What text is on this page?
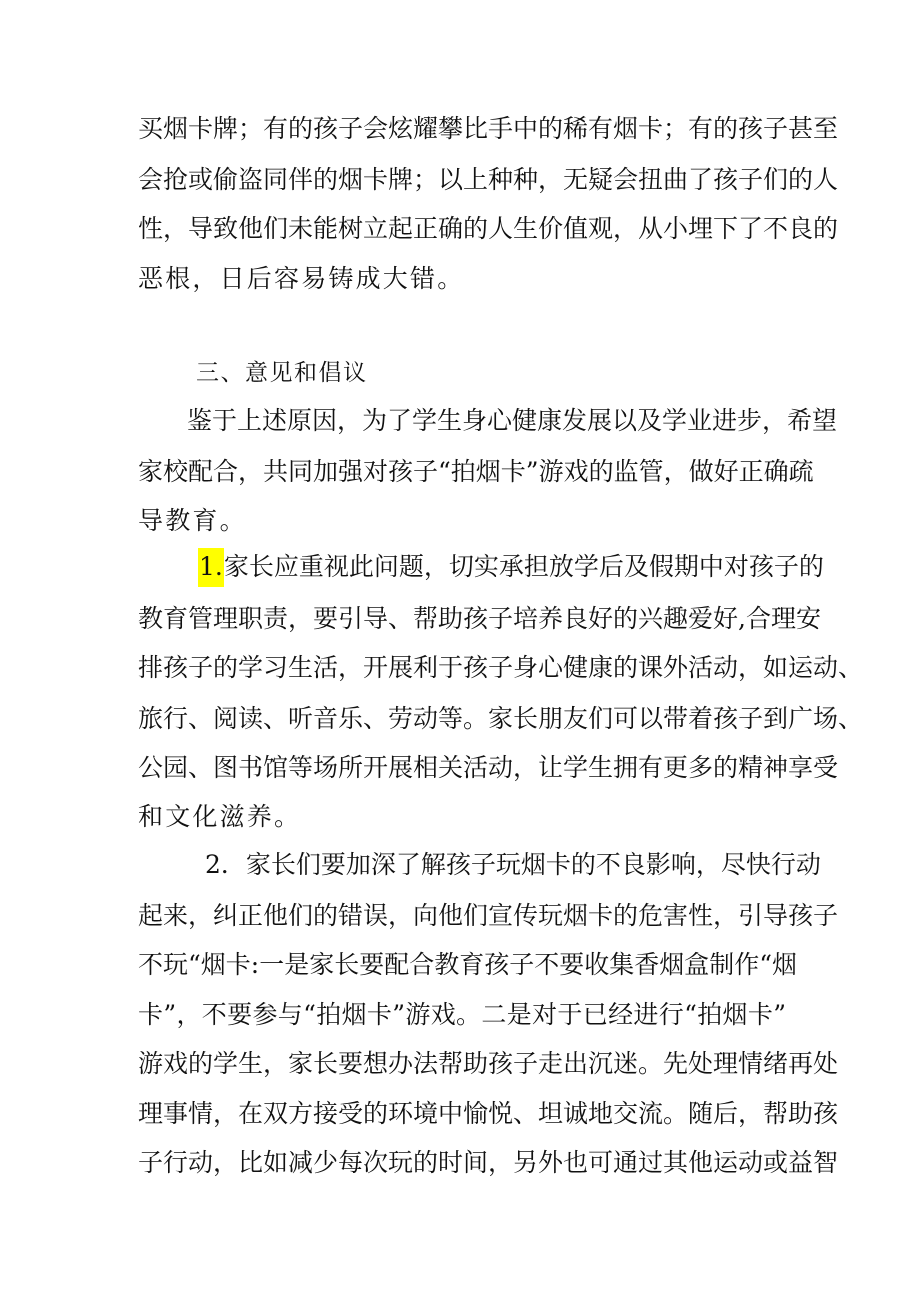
买烟卡牌；有的孩子会炫耀攀比手中的稀有烟卡；有的孩子甚至
会抢或偷盗同伴的烟卡牌；以上种种，无疑会扭曲了孩子们的人
性，导致他们未能树立起正确的人生价值观，从小埋下了不良的
恶根，日后容易铸成大错。
三、意见和倡议
鉴于上述原因，为了学生身心健康发展以及学业进步，希望
家校配合，共同加强对孩子“拍烟卡”游戏的监管，做好正确疏
导教育。
1.家长应重视此问题，切实承担放学后及假期中对孩子的
教育管理职责，要引导、帮助孩子培养良好的兴趣爱好,合理安
排孩子的学习生活，开展利于孩子身心健康的课外活动，如运动、
旅行、阅读、听音乐、劳动等。家长朋友们可以带着孩子到广场、
公园、图书馆等场所开展相关活动，让学生拥有更多的精神享受
和文化滋养。
2．家长们要加深了解孩子玩烟卡的不良影响，尽快行动
起来，纠正他们的错误，向他们宣传玩烟卡的危害性，引导孩子
不玩“烟卡:一是家长要配合教育孩子不要收集香烟盒制作“烟
卡”，不要参与“拍烟卡”游戏。二是对于已经进行“拍烟卡”
游戏的学生，家长要想办法帮助孩子走出沉迷。先处理情绪再处
理事情，在双方接受的环境中愉悦、坦诚地交流。随后，帮助孩
子行动，比如减少每次玩的时间，另外也可通过其他运动或益智
